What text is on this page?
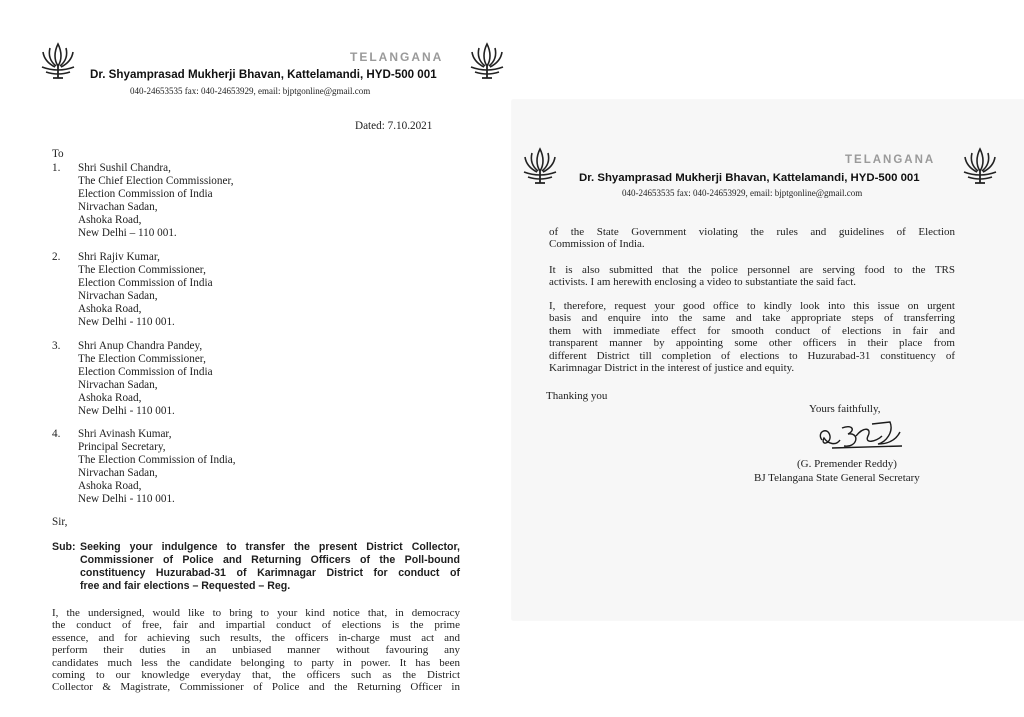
TELANGANA
Dr. Shyamprasad Mukherji Bhavan, Kattelamandi, HYD-500 001
040-24653535 fax: 040-24653929, email: bjptgonline@gmail.com
Dated: 7.10.2021
To
1. Shri Sushil Chandra,
The Chief Election Commissioner,
Election Commission of India
Nirvachan Sadan,
Ashoka Road,
New Delhi – 110 001.
2. Shri Rajiv Kumar,
The Election Commissioner,
Election Commission of India
Nirvachan Sadan,
Ashoka Road,
New Delhi - 110 001.
3. Shri Anup Chandra Pandey,
The Election Commissioner,
Election Commission of India
Nirvachan Sadan,
Ashoka Road,
New Delhi - 110 001.
4. Shri Avinash Kumar,
Principal Secretary,
The Election Commission of India,
Nirvachan Sadan,
Ashoka Road,
New Delhi - 110 001.
Sir,
Sub: Seeking your indulgence to transfer the present District Collector,
Commissioner of Police and Returning Officers of the Poll-bound
constituency Huzurabad-31 of Karimnagar District for conduct of
free and fair elections – Requested – Reg.
I, the undersigned, would like to bring to your kind notice that, in democracy
the conduct of free, fair and impartial conduct of elections is the prime
essence, and for achieving such results, the officers in-charge must act and
perform their duties in an unbiased manner without favouring any
candidates much less the candidate belonging to party in power. It has been
coming to our knowledge everyday that, the officers such as the District
Collector & Magistrate, Commissioner of Police and the Returning Officer in
TELANGANA
Dr. Shyamprasad Mukherji Bhavan, Kattelamandi, HYD-500 001
040-24653535 fax: 040-24653929, email: bjptgonline@gmail.com
of the State Government violating the rules and guidelines of Election
Commission of India.
It is also submitted that the police personnel are serving food to the TRS
activists. I am herewith enclosing a video to substantiate the said fact.
I, therefore, request your good office to kindly look into this issue on urgent
basis and enquire into the same and take appropriate steps of transferring
them with immediate effect for smooth conduct of elections in fair and
transparent manner by appointing some other officers in their place from
different District till completion of elections to Huzurabad-31 constituency of
Karimnagar District in the interest of justice and equity.
Thanking you
Yours faithfully,
(G. Premender Reddy)
BJ Telangana State General Secretary
